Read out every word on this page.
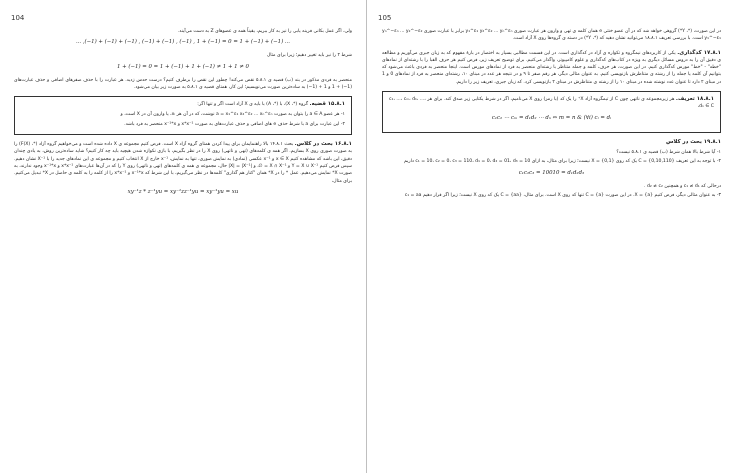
104

ولی، اگر عمل بکانی فرینه یابی را نیز به کار ببریم، یقیناً همه ی عضوهای Z به دست می‌آیند.

... ,(−1) + (−1) + (−1) , (−1) + (−1) , (−1) , 1 + (−1) = 0 = 1 + (−1) + (−1) ...

شرط ۲ را نیز باید تغییر دهیم؛ زیرا برای مثال

1 + (−1) = 0 = 1 + (−1) + 1 + (−1) ≠ 1 + 1 ≠ 0

منحصر به فردی مذکور در بند (ب) قضیه ی ۵.۸.۱ نقض می‌کند! چطور این نقص را برطرف کنیم؟ درست حدس زدید. هر عبارت را با حذف صفرهای اضافی و حذف عبارت‌های (1−) + 1 و 1 + (1−) به ساده‌ترین صورت می‌نویسیم؛ این کار، همتای قضیه ی ۵.۸.۱ به صورت زیر بیان می‌شود.

۱۵.۸.۱ قضیه. گروه (*، X)، با (*، A) با بایه ی X آزاد است اگر و تنها اگر:

۱- هر عضو a ∈ A را بتوان به صورت a = x₁^ε₁ x₂^ε₂ ... xₙ^εₙ نوشت، که در آن هر xᵢ، یا وارون آن در X است، و

۲- این عبارت برای a با شرط حذف e های اضافی و حذف عبارت‌های به صورت x*x⁻¹ و x⁻¹*x منحصر به فرد باشد.

۱۶.۸.۱ بحث در کلاس. بحث ۱۴.۸.۱ بالا راهنمایمان برای پیدا کردن همتای گروه آزاد X است. فرض کنیم مجموعه ی X داده شده است و می‌خواهیم گروه آزاد (*، F(X)) را به صورت صوری روی X بسازیم. اگر همه ی کلمه‌های (تهی و ناتهی) روی X را در نظر بگیریم، با بازی نکوازه شدن هیچیه باید چه کار کنیم؟ شاید ساده‌ترین روش، به یادی چندان دقیق، این باشد که مشاهده کنیم x ∈ X و x⁻¹ عکسی (نمادی) به نمایش صوری، تنها به نمایش، x⁻¹ خارج از X انتخاب کنیم و مجموعه ی این نمادهای جدید را با X⁻¹ نشان دهیم. سپس فرض کنیم Y = X ∪ X⁻¹ و X ∩ X⁻¹ = ∅، و |X| = |X⁻¹| حال، مجموعه ی همه ی کلمه‌های (تهی و ناتهی) روی Y را که در آن‌ها عبارت‌های x*x⁻¹ و x⁻¹*x وجود ندارند، به صورت X* نمایش می‌دهیم. عمل * را در X* همان "کنار هم گذاری" کلمه‌ها در نظر می‌گیریم، با این شرط که x⁻¹*x و x*x⁻¹ را از کلمه را به کلمه ی حاصل در X* تبدیل می‌کنیم. برای مثال،

xy⁻¹z * z⁻¹yu = xy⁻¹zz⁻¹yu = xy⁻¹yu = xu
105

در این صورت، (*، Y*) گروهی خواهد شد که در آن عضو خنثی e همان کلمه ی تهی و وارون هر عبارت صوری y₁^ε₁ y₂^ε₂ ... yₙ^εₙ برابر با عبارت صوری yₙ^−εₙ ... y₂^−ε₂ y₁^−ε₁ است. با بررسی تعریف ۱۸.۸.۱ می‌توانید نشان دهید که (*، Y*) در دسته ی گروه‌ها روی X آزاد است.

۱۷.۸.۱ کدگذاری. یکی از کاربردهای نیمگروه و تکواره ی آزاد در کدگذاری است. در این قسمت مطالبی بسیار به اختصار در بارهٔ مفهوم کد به زبان جبری می‌آوریم و مطالعه ی دقیق آن را به دروس مسائل دیگری به ویژه در کتاب‌های کدگذاری و علوم کامپیوتر، واگذار می‌کنیم. برای توضیح تعریف زیر، فرض کنیم هر حرف الفبا را با رشته‌ای از نمادهای "خطه" - "خط" مورس کدگذاری کنیم. در این صورت، هر حرف، کلمه و جمله متناظر با رشته‌ای منحصر به فرد از نمادهای مورس است. اینجا منحصر به فردی باعث می‌شود که بتوانیم آن کلمه یا جمله را از رشته ی متناظرش بازنویسی کنیم. به عنوان مثالی دیگر، هر رقم صفر تا ۹ و در نتیجه هر عدد در مبنای ۱۰، رشته‌ای منحصر به فرد از نمادهای 0 و 1 در مبنای ۲ دارد تا عنوان عدد نوشته شده در مبنای ۱۰ را از رشته ی متناظرش در مبنای ۲ بازنویسی کرد. که زبان جبری، تعریف زیر را داریم.

۱۸.۸.۱ تعریف. هر زیرمجموعه ی ناتهی چون C از تیمگروه آزاد X⁺ را یک کد (یا رمز) روی X می‌نامیم، اگر در شرط یکتایی زیر صدق کند. برای هر c₁، ...، cₘ، d₁، ...، dₙ ∈ C،

c₁c₂ ⋯ cₘ = d₁d₂ ⋯ dₙ ⇔ m = n & (∀i) cᵢ = dᵢ
۱۹.۸.۱ بحث در کلاس

۱- آیا شرط بالا همان شرط (ب) قضیه ی ۵.۸.۱ نیست؟

۲- با توجه به این تعریف C = {0,10,110} یک کد روی X = {0,1} نیست؛ زیرا برای مثال، به ازای c₁ = 10، c₂ = 0، c₃ = 110، d₁ = 0، d₂ = 01، d₃ = 10 داریم

c₁c₂c₃ = 10010 = d₁d₂d₃

درحالی که c₁ ≠ d₁ و همچنین d₂ ≠ c₂ .

۳- به عنوان مثالی دیگر، فرض کنیم X = {a}. در این صورت C = {a} تنها کد روی X است. برای مثال، C = {aa} یک کد روی X نیست؛ زیرا اگر قرار دهیم c₁ = aa
